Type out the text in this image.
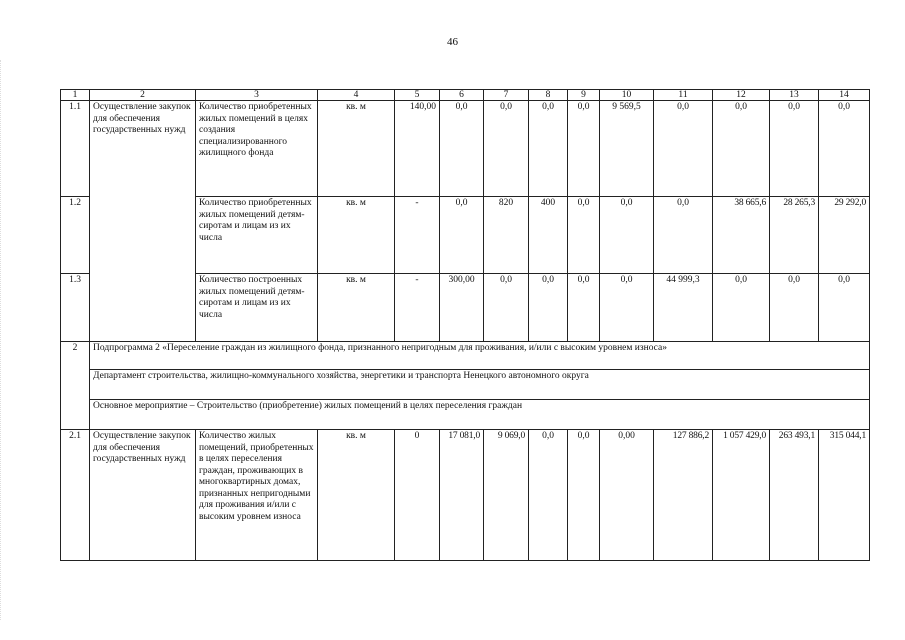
46
1	2	3	4	5	6	7	8	9	10	11	12	13	14
1.1	Осуществление закупок для обеспечения государственных нужд	Количество приобретенных жилых помещений в целях создания специализированного жилищного фонда	кв. м	140,00	0,0	0,0	0,0	0,0	9 569,5	0,0	0,0	0,0	0,0
1.2		Количество приобретенных жилых помещений детям-сиротам и лицам из их числа	кв. м	-	0,0	820	400	0,0	0,0	0,0	38 665,6	28 265,3	29 292,0
1.3		Количество построенных жилых помещений детям-сиротам и лицам из их числа	кв. м	-	300,00	0,0	0,0	0,0	0,0	44 999,3	0,0	0,0	0,0
2	Подпрограмма 2 «Переселение граждан из жилищного фонда, признанного непригодным для проживания, и/или с высоким уровнем износа»												
	Департамент строительства, жилищно-коммунального хозяйства, энергетики и транспорта Ненецкого автономного округа												
	Основное мероприятие – Строительство (приобретение) жилых помещений в целях переселения граждан												
2.1	Осуществление закупок для обеспечения государственных нужд	Количество жилых помещений, приобретенных в целях переселения граждан, проживающих в многоквартирных домах, признанных непригодными для проживания и/или с высоким уровнем износа	кв. м	0	17 081,0	9 069,0	0,0	0,0	0,00	127 886,2	1 057 429,0	263 493,1	315 044,1
